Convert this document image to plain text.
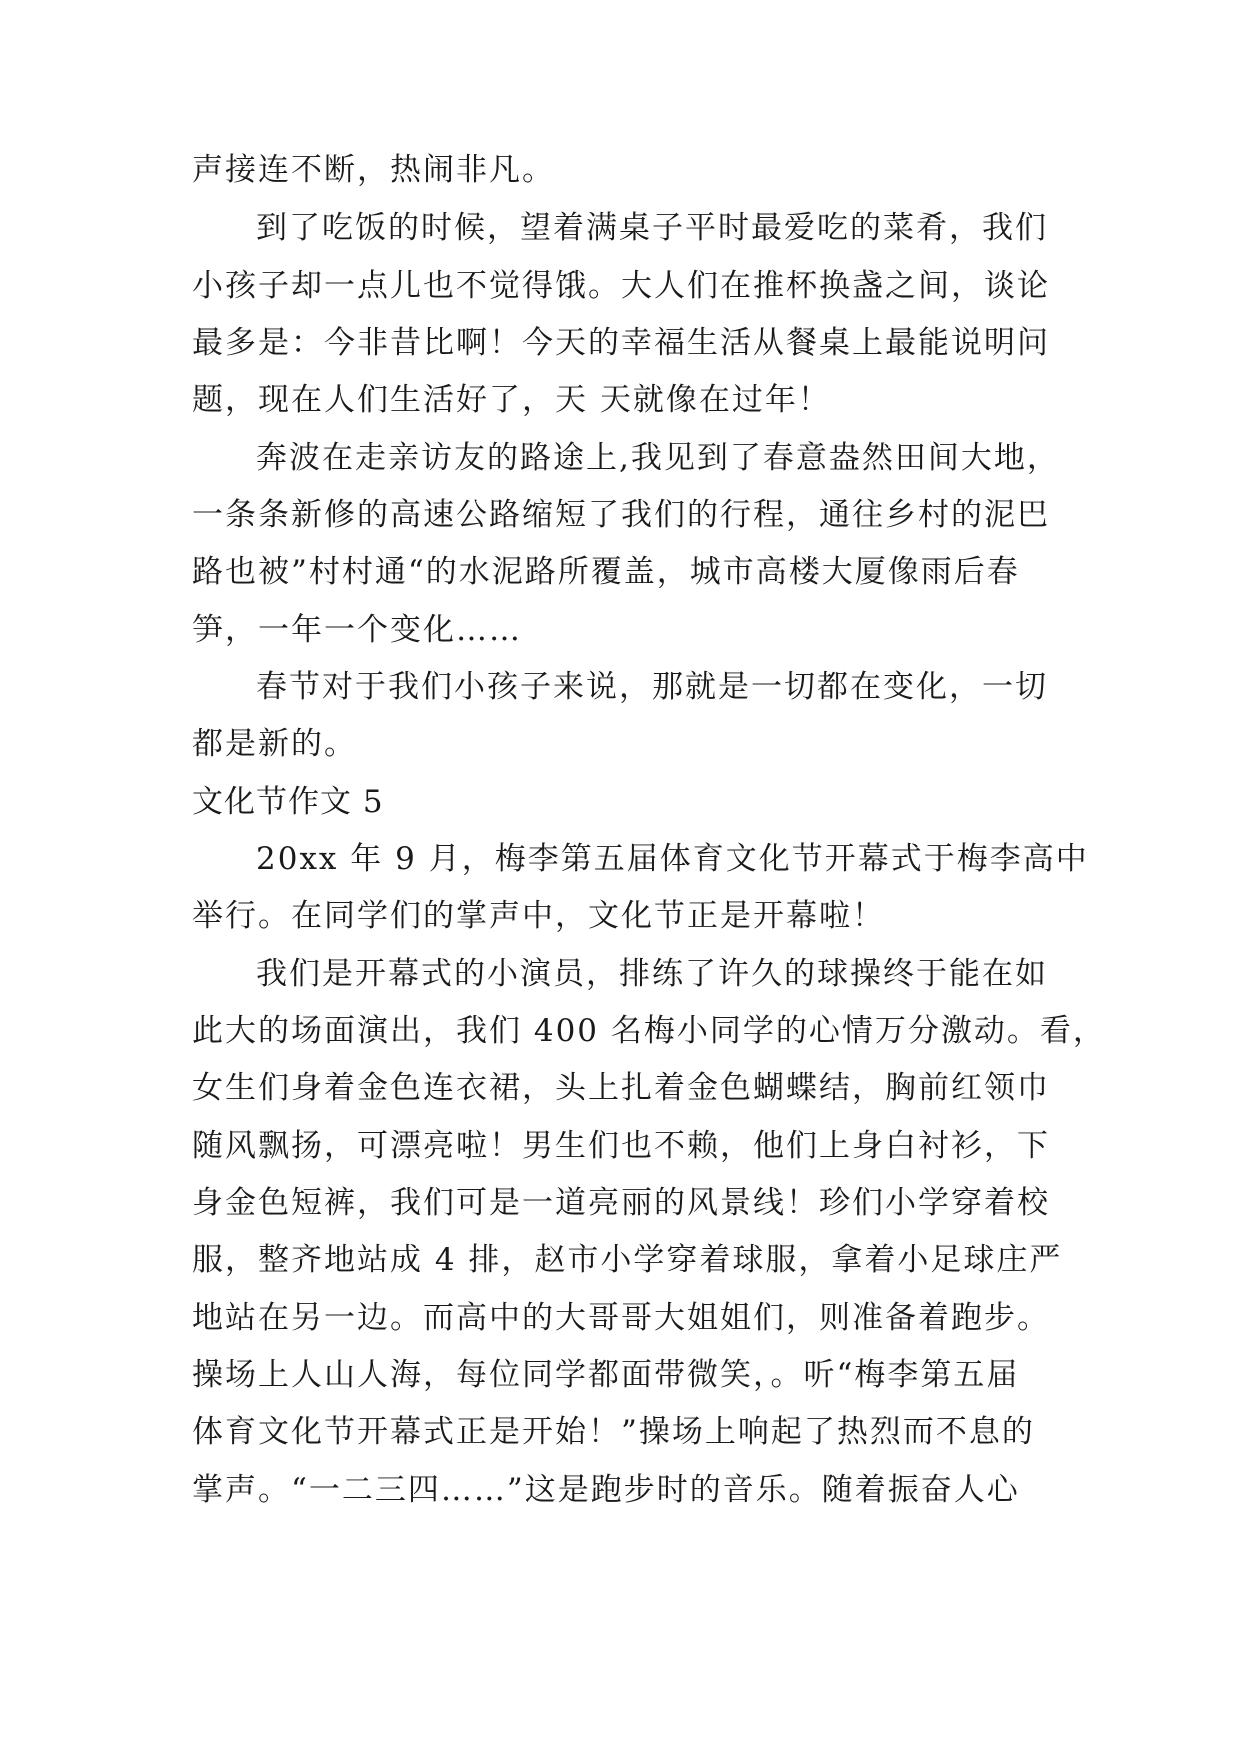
声接连不断，热闹非凡。
到了吃饭的时候，望着满桌子平时最爱吃的菜肴，我们
小孩子却一点儿也不觉得饿。大人们在推杯换盏之间，谈论
最多是：今非昔比啊！今天的幸福生活从餐桌上最能说明问
题，现在人们生活好了，天 天就像在过年！
奔波在走亲访友的路途上,我见到了春意盎然田间大地，
一条条新修的高速公路缩短了我们的行程，通往乡村的泥巴
路也被”村村通“的水泥路所覆盖，城市高楼大厦像雨后春
笋，一年一个变化……
春节对于我们小孩子来说，那就是一切都在变化，一切
都是新的。
文化节作文 5
20xx 年 9 月，梅李第五届体育文化节开幕式于梅李高中
举行。在同学们的掌声中，文化节正是开幕啦！
我们是开幕式的小演员，排练了许久的球操终于能在如
此大的场面演出，我们 400 名梅小同学的心情万分激动。看，
女生们身着金色连衣裙，头上扎着金色蝴蝶结，胸前红领巾
随风飘扬，可漂亮啦！男生们也不赖，他们上身白衬衫，下
身金色短裤，我们可是一道亮丽的风景线！珍们小学穿着校
服，整齐地站成 4 排，赵市小学穿着球服，拿着小足球庄严
地站在另一边。而高中的大哥哥大姐姐们，则准备着跑步。
操场上人山人海，每位同学都面带微笑，。听“梅李第五届
体育文化节开幕式正是开始！”操场上响起了热烈而不息的
掌声。“一二三四……”这是跑步时的音乐。随着振奋人心
